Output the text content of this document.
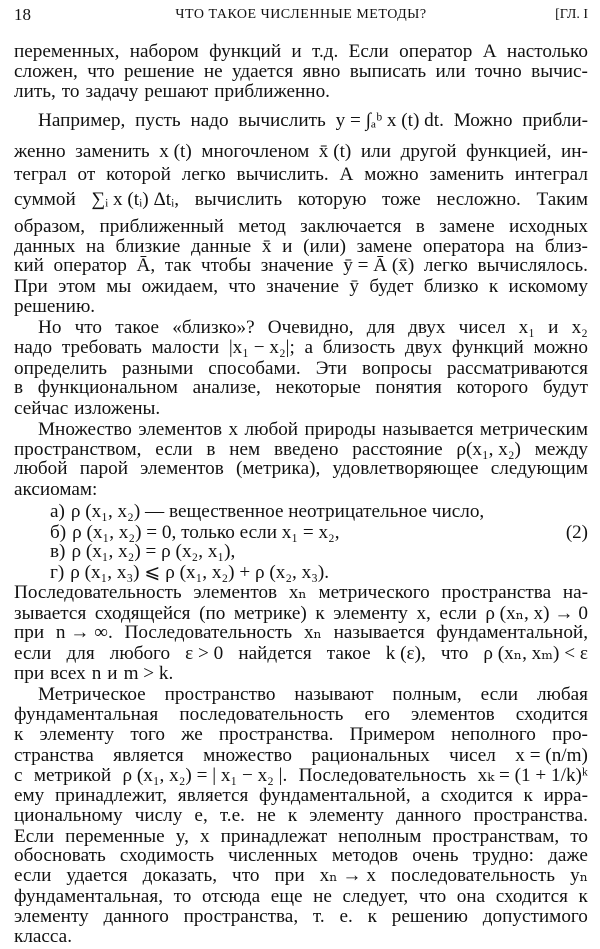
18	ЧТО ТАКОЕ ЧИСЛЕННЫЕ МЕТОДЫ?	[ГЛ. I
переменных, набором функций и т.д. Если оператор A настолько
сложен, что решение не удается явно выписать или точно вычис-
лить, то задачу решают приближенно.
Например, пусть надо вычислить y = ∫ₐᵇ x (t) dt. Можно прибли-
женно заменить x (t) многочленом x̄ (t) или другой функцией, ин-
теграл от которой легко вычислить. А можно заменить интеграл
суммой ∑ᵢ x (tᵢ) Δtᵢ, вычислить которую тоже несложно. Таким
образом, приближенный метод заключается в замене исходных
данных на близкие данные x̄ и (или) замене оператора на близ-
кий оператор Ā, так чтобы значение ȳ = Ā (x̄) легко вычислялось.
При этом мы ожидаем, что значение ȳ будет близко к искомому
решению.
Но что такое «близко»? Очевидно, для двух чисел x₁ и x₂
надо требовать малости |x₁ − x₂|; а близость двух функций можно
определить разными способами. Эти вопросы рассматриваются
в функциональном анализе, некоторые понятия которого будут
сейчас изложены.
Множество элементов x любой природы называется метрическим
пространством, если в нем введено расстояние ρ(x₁, x₂) между
любой парой элементов (метрика), удовлетворяющее следующим
аксиомам:
а) ρ (x₁, x₂) — вещественное неотрицательное число,
б) ρ (x₁, x₂) = 0, только если x₁ = x₂,
в) ρ (x₁, x₂) = ρ (x₂, x₁),
г) ρ (x₁, x₃) ⩽ ρ (x₁, x₂) + ρ (x₂, x₃).
Последовательность элементов xₙ метрического пространства на-
зывается сходящейся (по метрике) к элементу x, если ρ (xₙ, x) → 0
при n → ∞. Последовательность xₙ называется фундаментальной,
если для любого ε > 0 найдется такое k (ε), что ρ (xₙ, xₘ) < ε
при всех n и m > k.
Метрическое пространство называют полным, если любая
фундаментальная последовательность его элементов сходится
к элементу того же пространства. Примером неполного про-
странства является множество рациональных чисел x = (n/m)
с метрикой ρ (x₁, x₂) = | x₁ − x₂ |. Последовательность xₖ = (1 + 1/k)ᵏ
ему принадлежит, является фундаментальной, а сходится к ирра-
циональному числу e, т.е. не к элементу данного пространства.
Если переменные y, x принадлежат неполным пространствам, то
обосновать сходимость численных методов очень трудно: даже
если удается доказать, что при xₙ → x последовательность yₙ
фундаментальная, то отсюда еще не следует, что она сходится к
элементу данного пространства, т. е. к решению допустимого
класса.
(2)
